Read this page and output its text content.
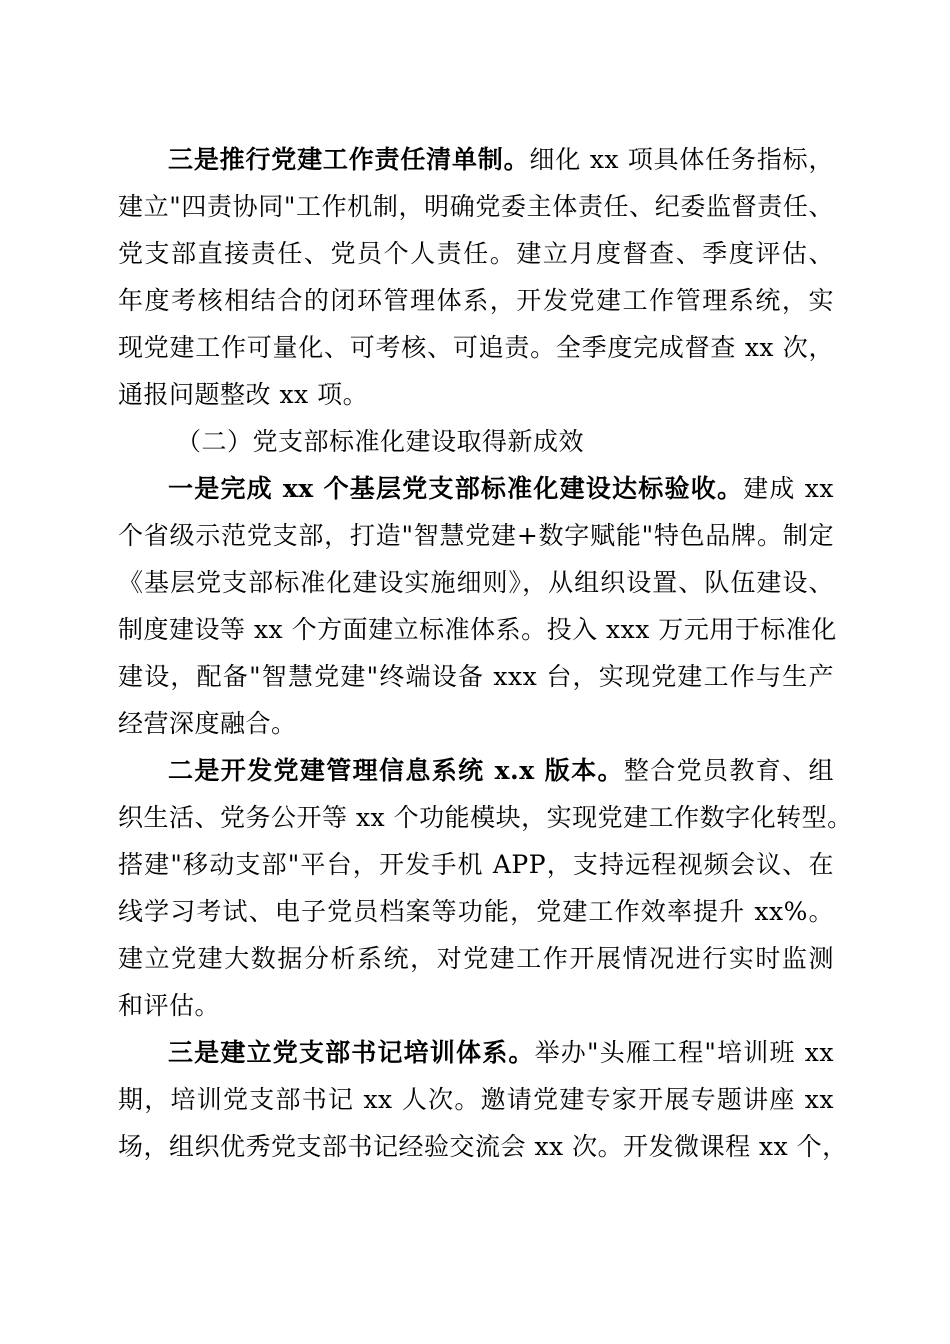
三是推行党建工作责任清单制。细化 xx 项具体任务指标，
建立"四责协同"工作机制，明确党委主体责任、纪委监督责任、
党支部直接责任、党员个人责任。建立月度督查、季度评估、
年度考核相结合的闭环管理体系，开发党建工作管理系统，实
现党建工作可量化、可考核、可追责。全季度完成督查 xx 次，
通报问题整改 xx 项。
（二）党支部标准化建设取得新成效
一是完成 xx 个基层党支部标准化建设达标验收。建成 xx
个省级示范党支部，打造"智慧党建+数字赋能"特色品牌。制定
《基层党支部标准化建设实施细则》，从组织设置、队伍建设、
制度建设等 xx 个方面建立标准体系。投入 xxx 万元用于标准化
建设，配备"智慧党建"终端设备 xxx 台，实现党建工作与生产
经营深度融合。
二是开发党建管理信息系统 x.x 版本。整合党员教育、组
织生活、党务公开等 xx 个功能模块，实现党建工作数字化转型。
搭建"移动支部"平台，开发手机 APP，支持远程视频会议、在
线学习考试、电子党员档案等功能，党建工作效率提升 xx%。
建立党建大数据分析系统，对党建工作开展情况进行实时监测
和评估。
三是建立党支部书记培训体系。举办"头雁工程"培训班 xx
期，培训党支部书记 xx 人次。邀请党建专家开展专题讲座 xx
场，组织优秀党支部书记经验交流会 xx 次。开发微课程 xx 个，
